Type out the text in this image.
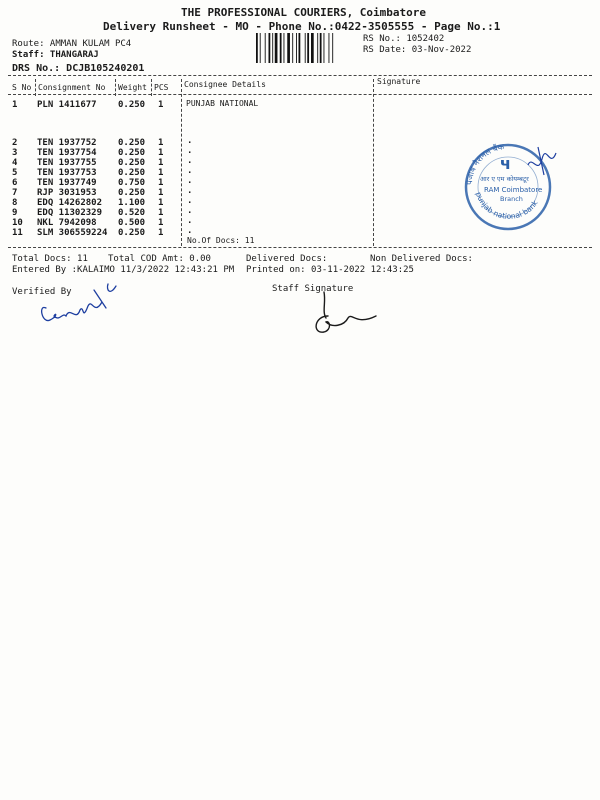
THE PROFESSIONAL COURIERS, Coimbatore
Delivery Runsheet - MO - Phone No.:0422-3505555 - Page No.:1
Route: AMMAN KULAM PC4
Staff: THANGARAJ
DRS No.: DCJB105240201
RS No.: 1052402
RS Date: 03-Nov-2022
S No Consignment No Weight PCS Consignee Details	Signature
1 PLN 1411677 0.250 1	PUNJAB NATIONAL
2 TEN 1937752 0.250 1	.
3 TEN 1937754 0.250 1	.
4 TEN 1937755 0.250 1	.
5 TEN 1937753 0.250 1	.
6 TEN 1937749 0.750 1	.
7 RJP 3031953 0.250 1	.
8 EDQ 14262802 1.100 1	.
9 EDQ 11302329 0.520 1	.
10 NKL 7942098 0.500 1	.
11 SLM 306559224 0.250 1	.
No.Of Docs: 11
Total Docs: 11 Total COD Amt: 0.00	Delivered Docs:	Non Delivered Docs:
Entered By :KALAIMO 11/3/2022 12:43:21 PM Printed on: 03-11-2022 12:43:25
Verified By	Staff Signature
पंजाब नैशनल बैंक
punjab national bank
ч
आर ए एम कोयम्बटूर
RAM Coimbatore
Branch
